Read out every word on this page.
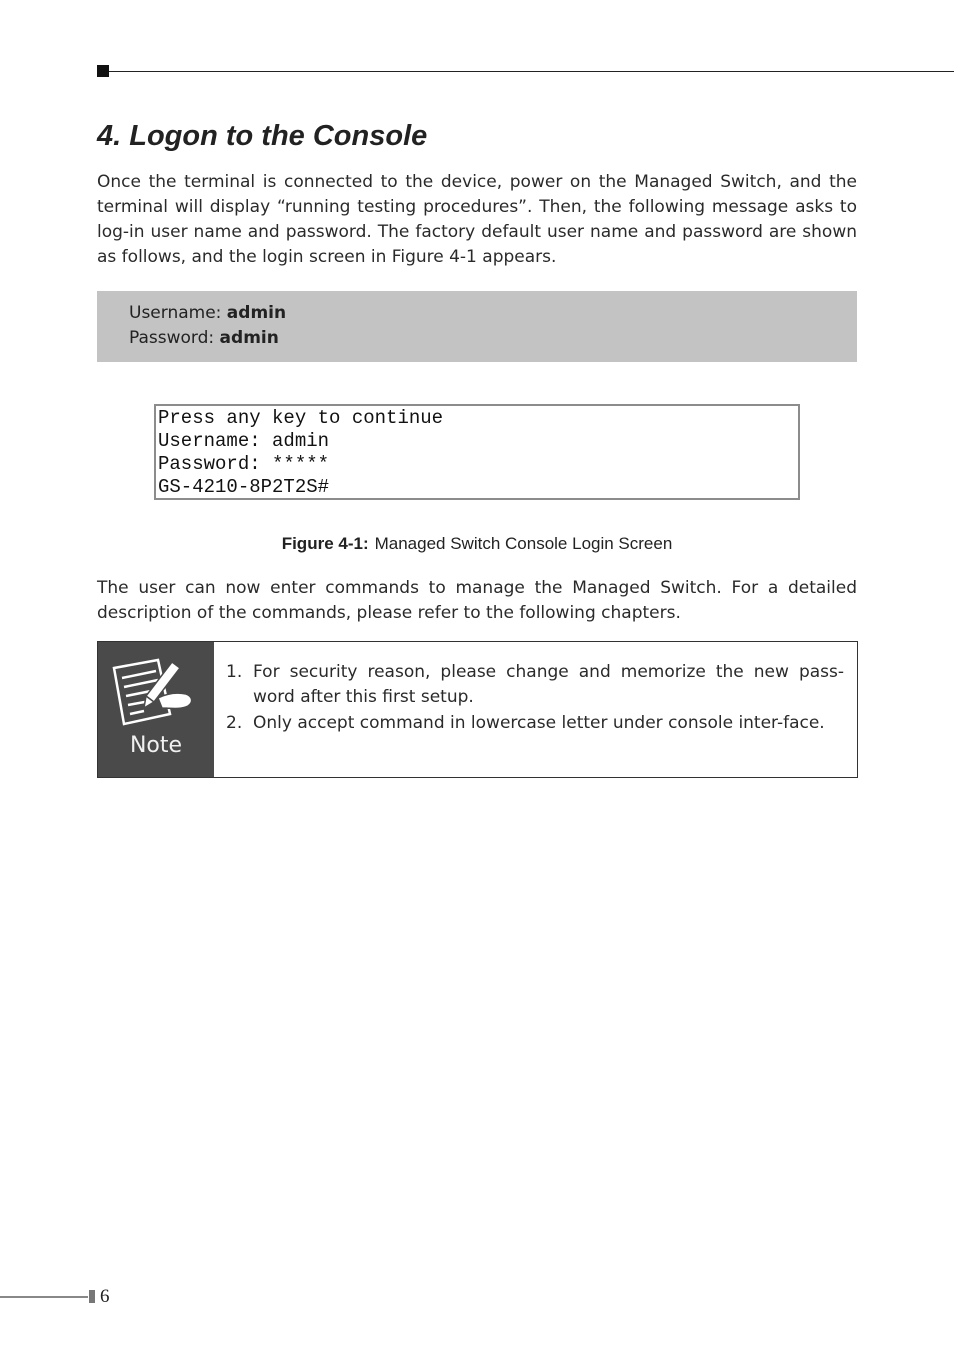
4. Logon to the Console

Once the terminal is connected to the device, power on the Managed Switch, and the terminal will display “running testing procedures”. Then, the following message asks to log-in user name and password. The factory default user name and password are shown as follows, and the login screen in Figure 4-1 appears.

Username: admin
Password: admin
Press any key to continue
Username: admin
Password: *****
GS-4210-8P2T2S#
Figure 4-1: Managed Switch Console Login Screen

The user can now enter commands to manage the Managed Switch. For a detailed description of the commands, please refer to the following chapters.

Note
1. For security reason, please change and memorize the new pass-word after this first setup.
2. Only accept command in lowercase letter under console inter-face.
6
